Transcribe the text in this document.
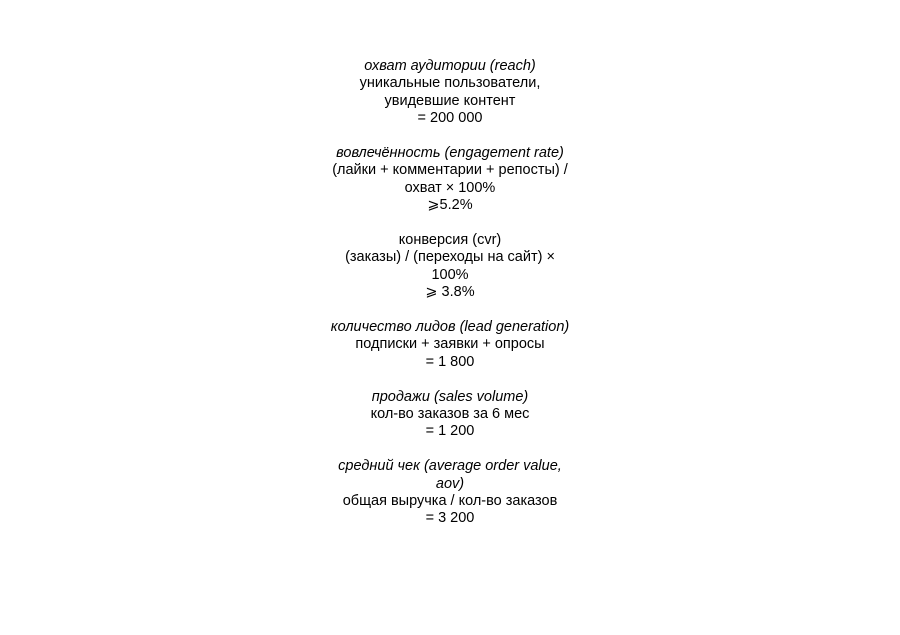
охват аудитории (reach)
уникальные пользователи,
увидевшие контент
= 200 000
вовлечённость (engagement rate)
(лайки + комментарии + репосты) /
охват × 100%
⩾5.2%
конверсия (cvr)
(заказы) / (переходы на сайт) ×
100%
⩾ 3.8%
количество лидов (lead generation)
подписки + заявки + опросы
= 1 800
продажи (sales volume)
кол-во заказов за 6 мес
= 1 200
средний чек (average order value,
aov)
общая выручка / кол-во заказов
= 3 200
